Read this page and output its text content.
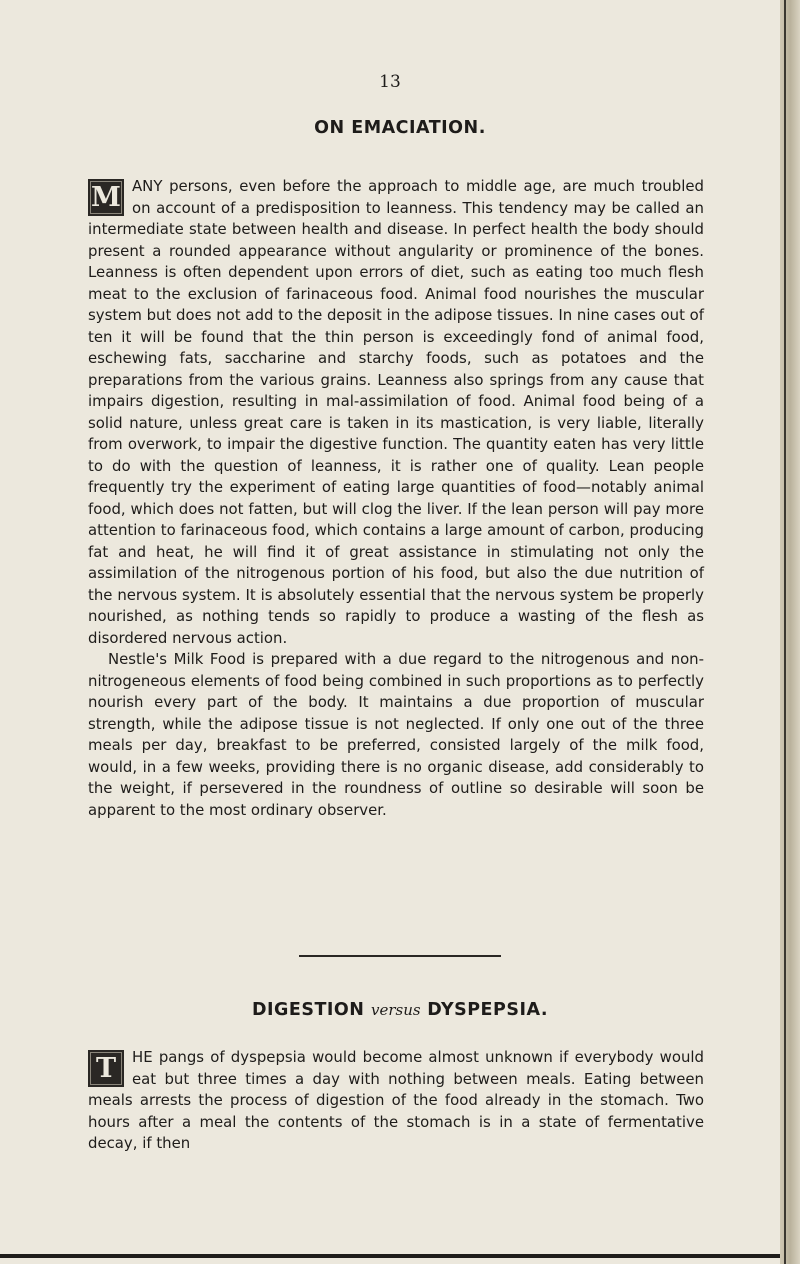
13

ON EMACIATION.

M ANY persons, even before the approach to middle age, are much troubled on account of a predisposition to leanness. This tendency may be called an intermediate state between health and disease. In perfect health the body should present a rounded appearance without angularity or prominence of the bones. Leanness is often dependent upon errors of diet, such as eating too much flesh meat to the exclusion of farinaceous food. Animal food nourishes the muscular system but does not add to the deposit in the adipose tissues. In nine cases out of ten it will be found that the thin person is exceedingly fond of animal food, eschewing fats, saccharine and starchy foods, such as potatoes and the preparations from the various grains. Leanness also springs from any cause that impairs digestion, resulting in mal-assimilation of food. Animal food being of a solid nature, unless great care is taken in its mastication, is very liable, literally from overwork, to impair the digestive function. The quantity eaten has very little to do with the question of leanness, it is rather one of quality. Lean people frequently try the experiment of eating large quantities of food—notably animal food, which does not fatten, but will clog the liver. If the lean person will pay more attention to farinaceous food, which contains a large amount of carbon, producing fat and heat, he will find it of great assistance in stimulating not only the assimilation of the nitrogenous portion of his food, but also the due nutrition of the nervous system. It is absolutely essential that the nervous system be properly nourished, as nothing tends so rapidly to produce a wasting of the flesh as disordered nervous action.

Nestle's Milk Food is prepared with a due regard to the nitrogenous and non-nitrogeneous elements of food being combined in such proportions as to perfectly nourish every part of the body. It maintains a due proportion of muscular strength, while the adipose tissue is not neglected. If only one out of the three meals per day, breakfast to be preferred, consisted largely of the milk food, would, in a few weeks, providing there is no organic disease, add considerably to the weight, if persevered in the roundness of outline so desirable will soon be apparent to the most ordinary observer.

DIGESTION versus DYSPEPSIA.

T	HE pangs of dyspepsia would become almost unknown if everybody would eat but three times a day with nothing between meals. Eating between meals arrests the process of digestion of the food already in the stomach. Two hours after a meal the contents of the stomach is in a state of fermentative decay, if then
